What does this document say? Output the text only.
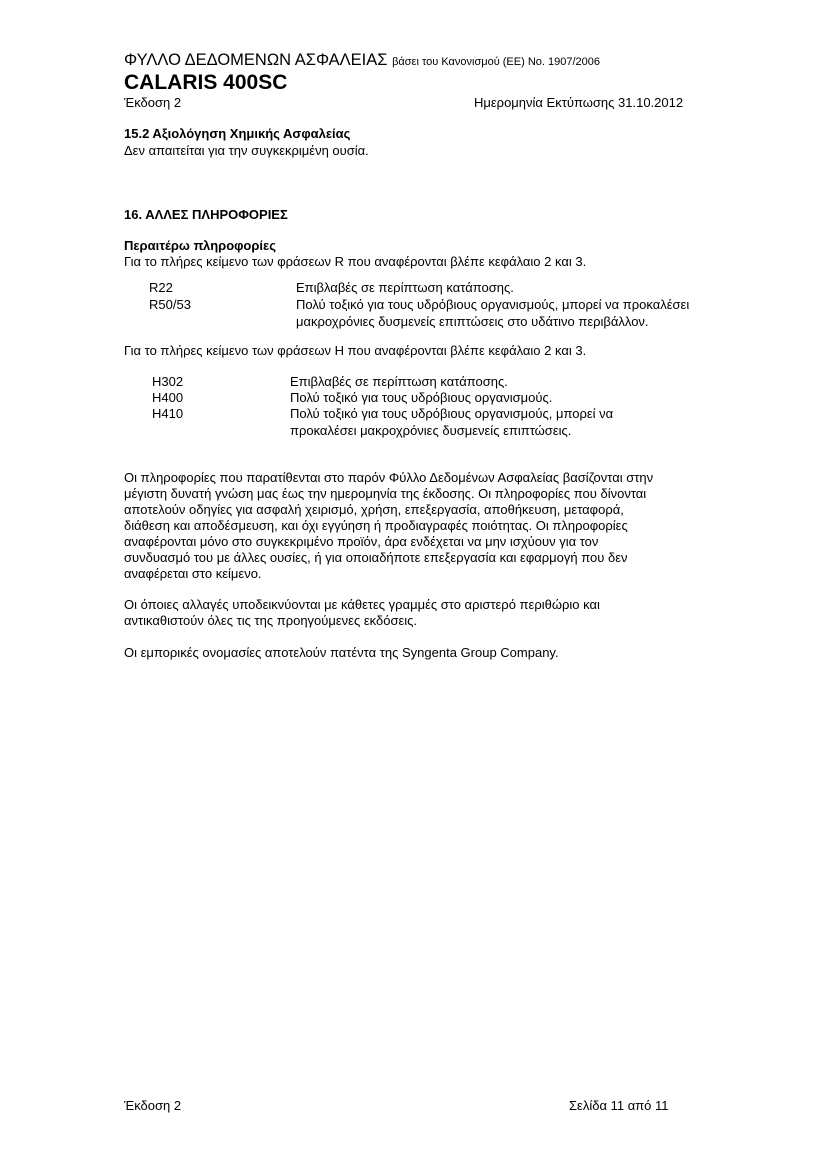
ΦΥΛΛΟ ΔΕΔΟΜΕΝΩΝ ΑΣΦΑΛΕΙΑΣ βάσει του Κανονισμού (ΕΕ) No. 1907/2006
CALARIS 400SC
Έκδοση 2	Ημερομηνία Εκτύπωσης 31.10.2012
15.2 Αξιολόγηση Χημικής Ασφαλείας
Δεν απαιτείται για την συγκεκριμένη ουσία.
16. ΑΛΛΕΣ ΠΛΗΡΟΦΟΡΙΕΣ
Περαιτέρω πληροφορίες
Για το πλήρες κείμενο των φράσεων R που αναφέρονται βλέπε κεφάλαιο 2 και 3.
R22	Επιβλαβές σε περίπτωση κατάποσης.
R50/53	Πολύ τοξικό για τους υδρόβιους οργανισμούς, μπορεί να προκαλέσει
μακροχρόνιες δυσμενείς επιπτώσεις στο υδάτινο περιβάλλον.
Για το πλήρες κείμενο των φράσεων H που αναφέρονται βλέπε κεφάλαιο 2 και 3.
H302	Επιβλαβές σε περίπτωση κατάποσης.
H400	Πολύ τοξικό για τους υδρόβιους οργανισμούς.
H410	Πολύ τοξικό για τους υδρόβιους οργανισμούς, μπορεί να
προκαλέσει μακροχρόνιες δυσμενείς επιπτώσεις.
Οι πληροφορίες που παρατίθενται στο παρόν Φύλλο Δεδομένων Ασφαλείας βασίζονται στην
μέγιστη δυνατή γνώση μας έως την ημερομηνία της έκδοσης. Οι πληροφορίες που δίνονται
αποτελούν οδηγίες για ασφαλή χειρισμό, χρήση, επεξεργασία, αποθήκευση, μεταφορά,
διάθεση και αποδέσμευση, και όχι εγγύηση ή προδιαγραφές ποιότητας. Οι πληροφορίες
αναφέρονται μόνο στο συγκεκριμένο προϊόν, άρα ενδέχεται να μην ισχύουν για τον
συνδυασμό του με άλλες ουσίες, ή για οποιαδήποτε επεξεργασία και εφαρμογή που δεν
αναφέρεται στο κείμενο.
Οι όποιες αλλαγές υποδεικνύονται με κάθετες γραμμές στο αριστερό περιθώριο και
αντικαθιστούν όλες τις της προηγούμενες εκδόσεις.
Οι εμπορικές ονομασίες αποτελούν πατέντα της Syngenta Group Company.
Έκδοση 2	Σελίδα 11 από 11
